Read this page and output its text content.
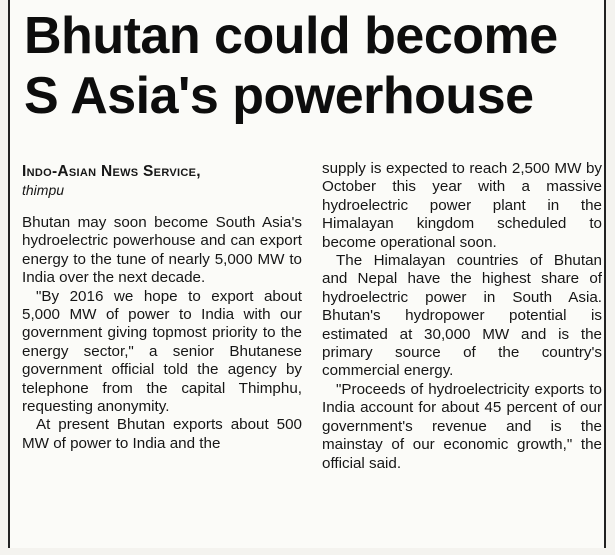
Bhutan could become
S Asia's powerhouse
Indo-Asian News Service,
thimpu

Bhutan may soon become South Asia's hydroelectric powerhouse and can export energy to the tune of nearly 5,000 MW to India over the next decade.

"By 2016 we hope to export about 5,000 MW of power to India with our government giving topmost priority to the energy sector," a senior Bhutanese government official told the agency by telephone from the capital Thimphu, requesting anonymity.

At present Bhutan exports about 500 MW of power to India and the

supply is expected to reach 2,500 MW by October this year with a massive hydroelectric power plant in the Himalayan kingdom scheduled to become operational soon.

The Himalayan countries of Bhutan and Nepal have the highest share of hydroelectric power in South Asia. Bhutan's hydropower potential is estimated at 30,000 MW and is the primary source of the country's commercial energy.

"Proceeds of hydroelectricity exports to India account for about 45 percent of our government's revenue and is the mainstay of our economic growth," the official said.
